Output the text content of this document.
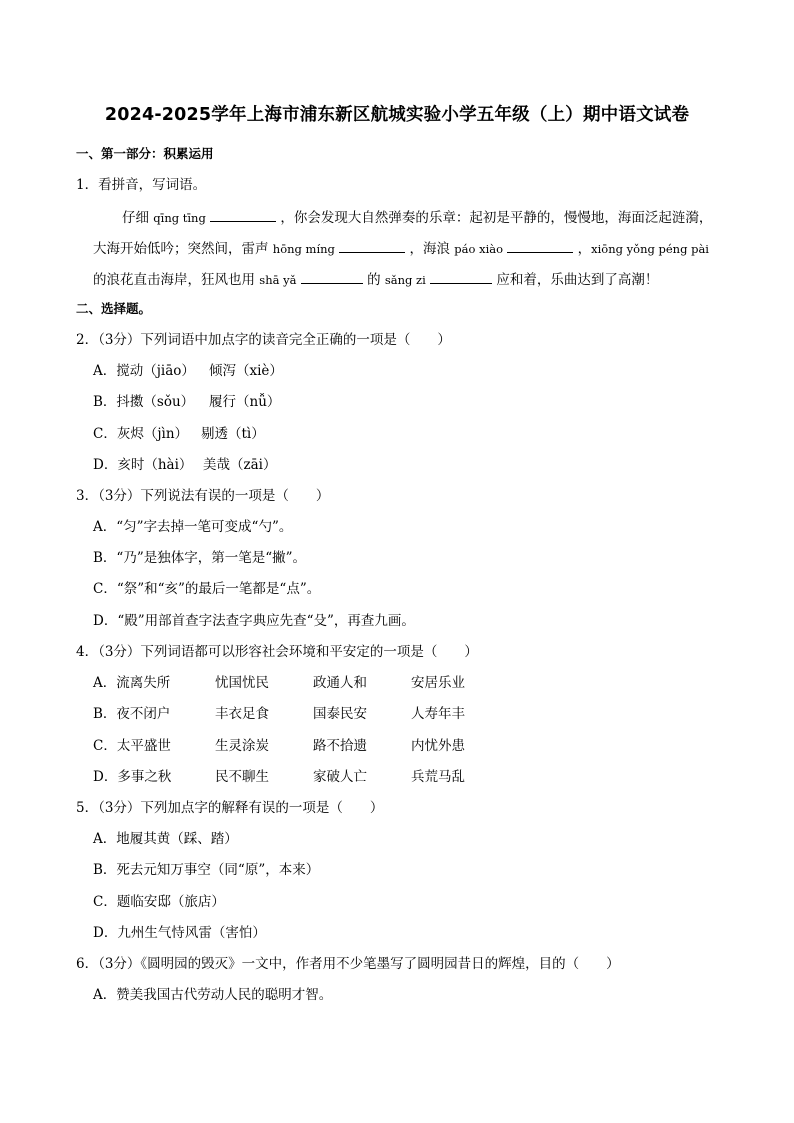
2024-2025学年上海市浦东新区航城实验小学五年级（上）期中语文试卷
一、第一部分：积累运用
1．看拼音，写词语。
仔细 qīng tīng	，你会发现大自然弹奏的乐章：起初是平静的，慢慢地，海面泛起涟漪，
大海开始低吟；突然间，雷声 hōng míng	，海浪 páo xiào	，xiōng yǒng péng pài
的浪花直击海岸，狂风也用 shā yǎ	的 sǎng zi	应和着，乐曲达到了高潮！
二、选择题。
2．（3分）下列词语中加点字的读音完全正确的一项是（　　）
A．搅动（jiāo） 倾泻（xiè）
B．抖擞（sǒu） 履行（nǚ）
C．灰烬（jìn） 剔透（tì）
D．亥时（hài） 美哉（zāi）
3．（3分）下列说法有误的一项是（　　）
A．“匀”字去掉一笔可变成“勺”。
B．“乃”是独体字，第一笔是“撇”。
C．“祭”和“亥”的最后一笔都是“点”。
D．“殿”用部首查字法查字典应先查“殳”，再查九画。
4．（3分）下列词语都可以形容社会环境和平安定的一项是（　　）
A．流离失所	忧国忧民	政通人和	安居乐业
B．夜不闭户	丰衣足食	国泰民安	人寿年丰
C．太平盛世	生灵涂炭	路不拾遗	内忧外患
D．多事之秋	民不聊生	家破人亡	兵荒马乱
5．（3分）下列加点字的解释有误的一项是（　　）
A．地履其黄（踩、踏）
B．死去元知万事空（同“原”，本来）
C．题临安邸（旅店）
D．九州生气恃风雷（害怕）
6．（3分）《圆明园的毁灭》一文中，作者用不少笔墨写了圆明园昔日的辉煌，目的（　　）
A．赞美我国古代劳动人民的聪明才智。
